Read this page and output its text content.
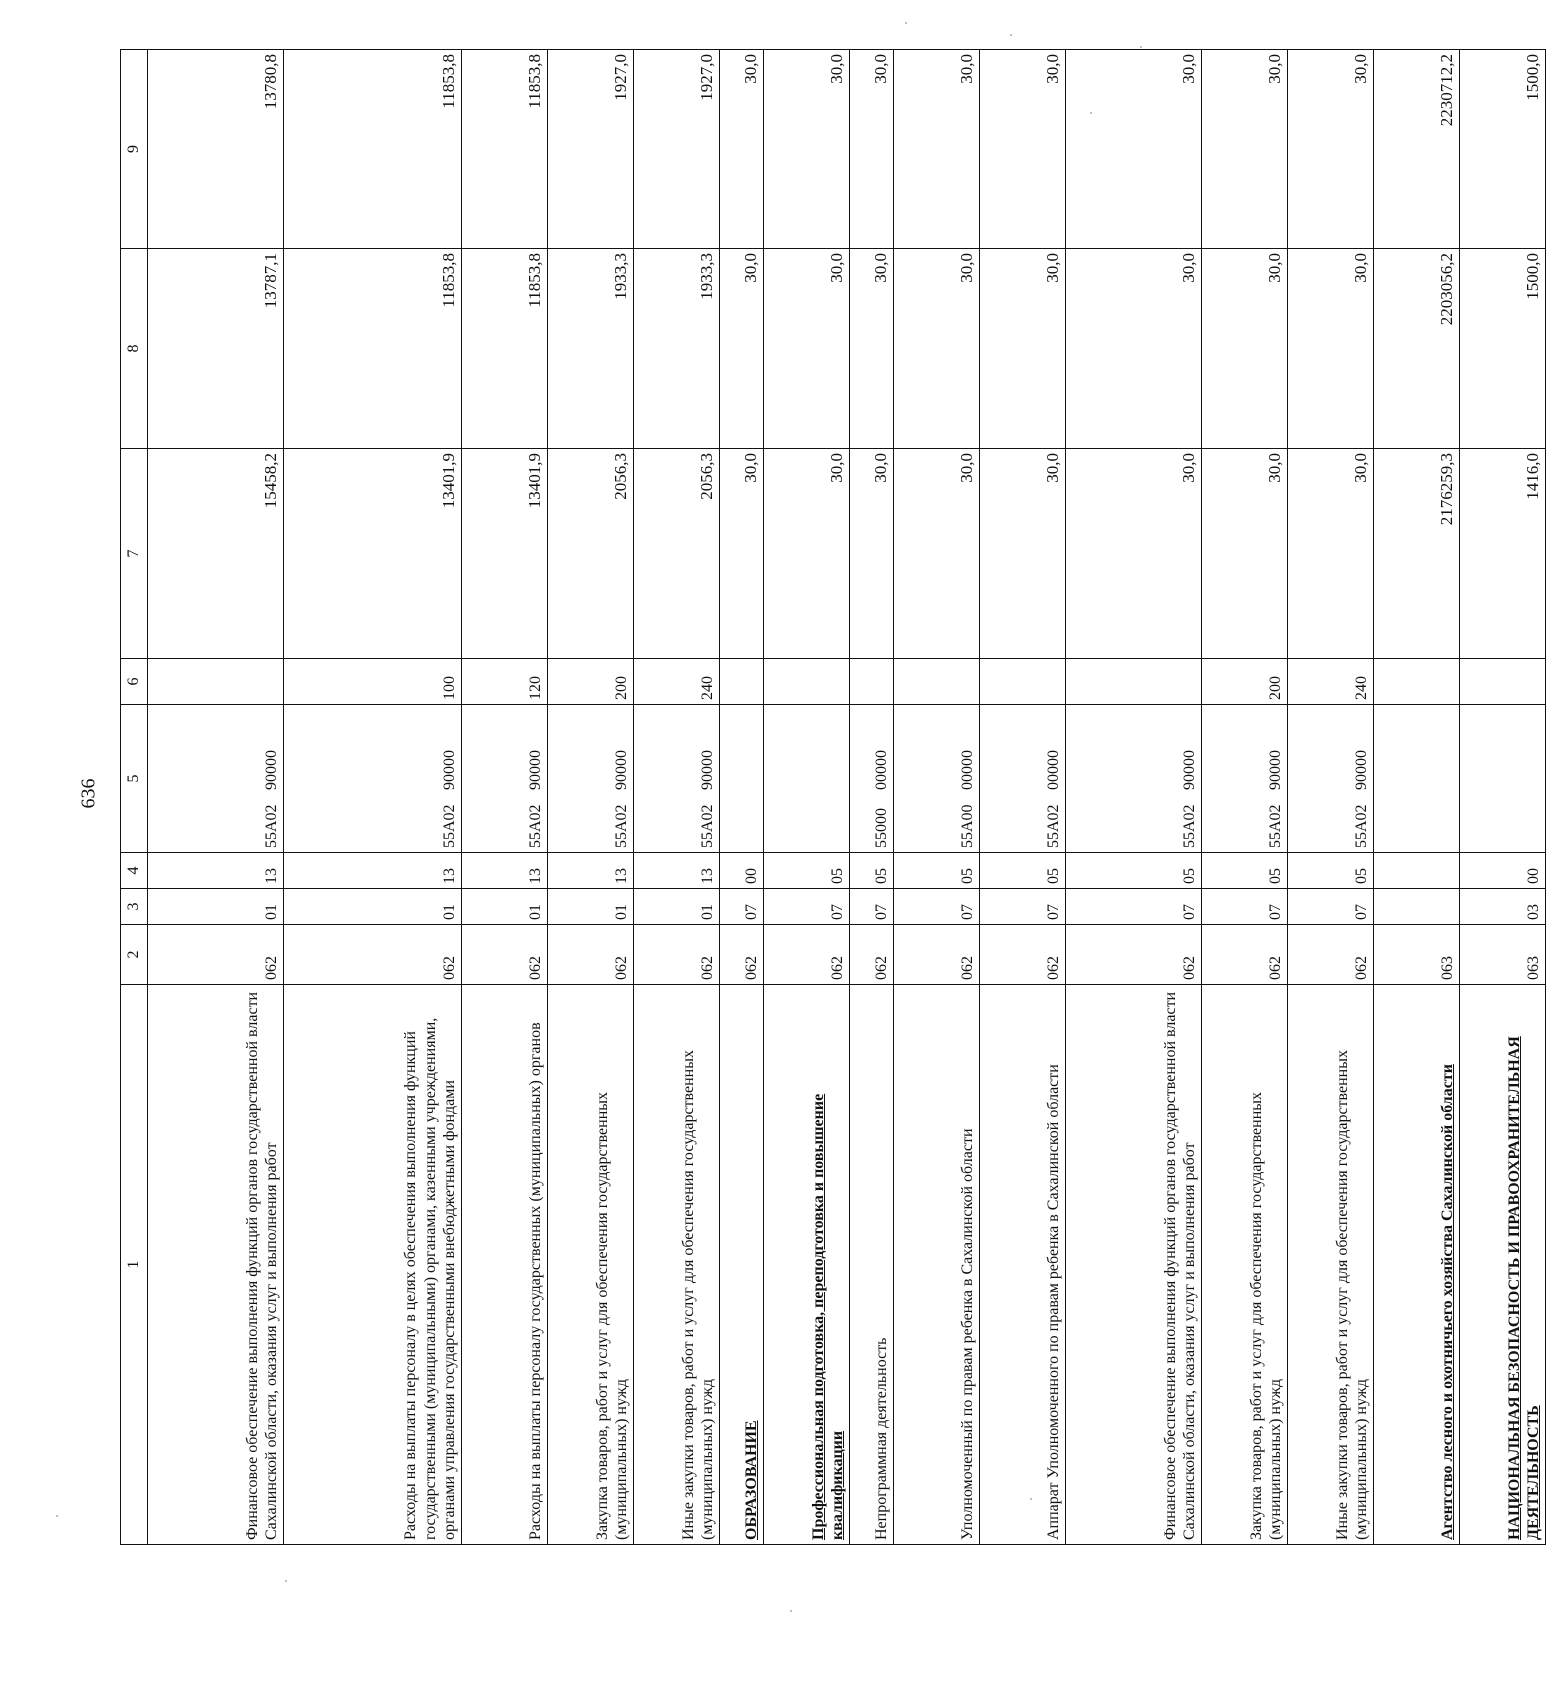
636
1	2	3	4	5	6	7	8	9
Финансовое обеспечение выполнения функций органов государственной власти Сахалинской области, оказания услуг и выполнения работ	062	01	13	55А0290000		15458,2	13787,1	13780,8
Расходы на выплаты персоналу в целях обеспечения выполнения функций государственными (муниципальными) органами, казенными учреждениями, органами управления государственными внебюджетными фондами	062	01	13	55А0290000	100	13401,9	11853,8	11853,8
Расходы на выплаты персоналу государственных (муниципальных) органов	062	01	13	55А0290000	120	13401,9	11853,8	11853,8
Закупка товаров, работ и услуг для обеспечения государственных (муниципальных) нужд	062	01	13	55А0290000	200	2056,3	1933,3	1927,0
Иные закупки товаров, работ и услуг для обеспечения государственных (муниципальных) нужд	062	01	13	55А0290000	240	2056,3	1933,3	1927,0
ОБРАЗОВАНИЕ	062	07	00			30,0	30,0	30,0
Профессиональная подготовка, переподготовка и повышение квалификации	062	07	05			30,0	30,0	30,0
Непрограммная деятельность	062	07	05	5500000000		30,0	30,0	30,0
Уполномоченный по правам ребенка в Сахалинской области	062	07	05	55А0000000		30,0	30,0	30,0
Аппарат Уполномоченного по правам ребенка в Сахалинской области	062	07	05	55А0200000		30,0	30,0	30,0
Финансовое обеспечение выполнения функций органов государственной власти Сахалинской области, оказания услуг и выполнения работ	062	07	05	55А0290000		30,0	30,0	30,0
Закупка товаров, работ и услуг для обеспечения государственных (муниципальных) нужд	062	07	05	55А0290000	200	30,0	30,0	30,0
Иные закупки товаров, работ и услуг для обеспечения государственных (муниципальных) нужд	062	07	05	55А0290000	240	30,0	30,0	30,0
Агентство лесного и охотничьего хозяйства Сахалинской области	063					2176259,3	2203056,2	2230712,2
НАЦИОНАЛЬНАЯ БЕЗОПАСНОСТЬ И ПРАВООХРАНИТЕЛЬНАЯ ДЕЯТЕЛЬНОСТЬ	063	03	00			1416,0	1500,0	1500,0
